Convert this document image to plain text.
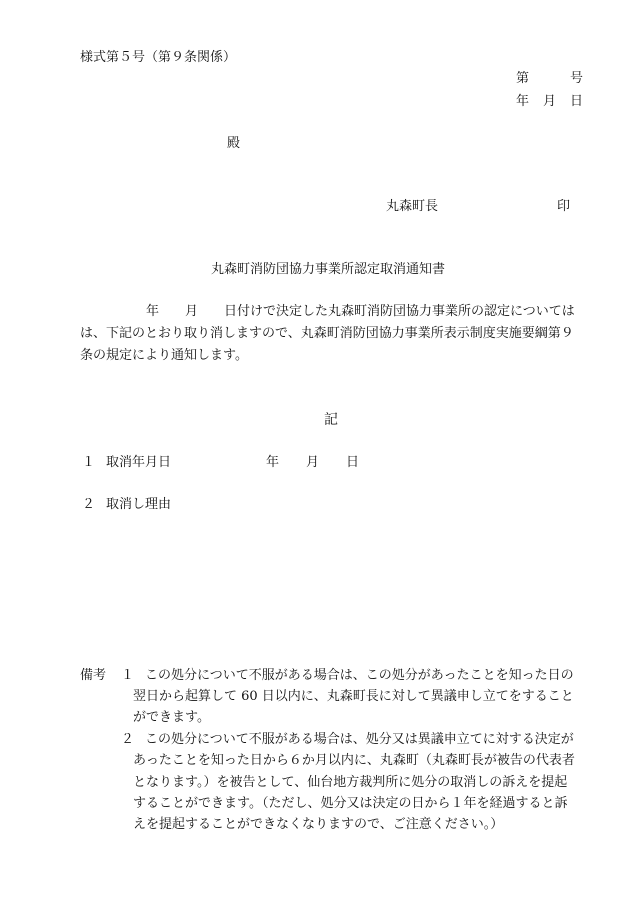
様式第５号（第９条関係）
第	号
年 月 日
殿
丸森町長	印
丸森町消防団協力事業所認定取消通知書
年 月 日付けで決定した丸森町消防団協力事業所の認定については
は、下記のとおり取り消しますので、丸森町消防団協力事業所表示制度実施要綱第９
条の規定により通知します。
記
１ 取消年月日	年 月 日
２ 取消し理由
備考 １ この処分について不服がある場合は、この処分があったことを知った日の
翌日から起算して 60 日以内に、丸森町長に対して異議申し立てをすること
ができます。
２ この処分について不服がある場合は、処分又は異議申立てに対する決定が
あったことを知った日から６か月以内に、丸森町（丸森町長が被告の代表者
となります。）を被告として、仙台地方裁判所に処分の取消しの訴えを提起
することができます。（ただし、処分又は決定の日から１年を経過すると訴
えを提起することができなくなりますので、ご注意ください。）
